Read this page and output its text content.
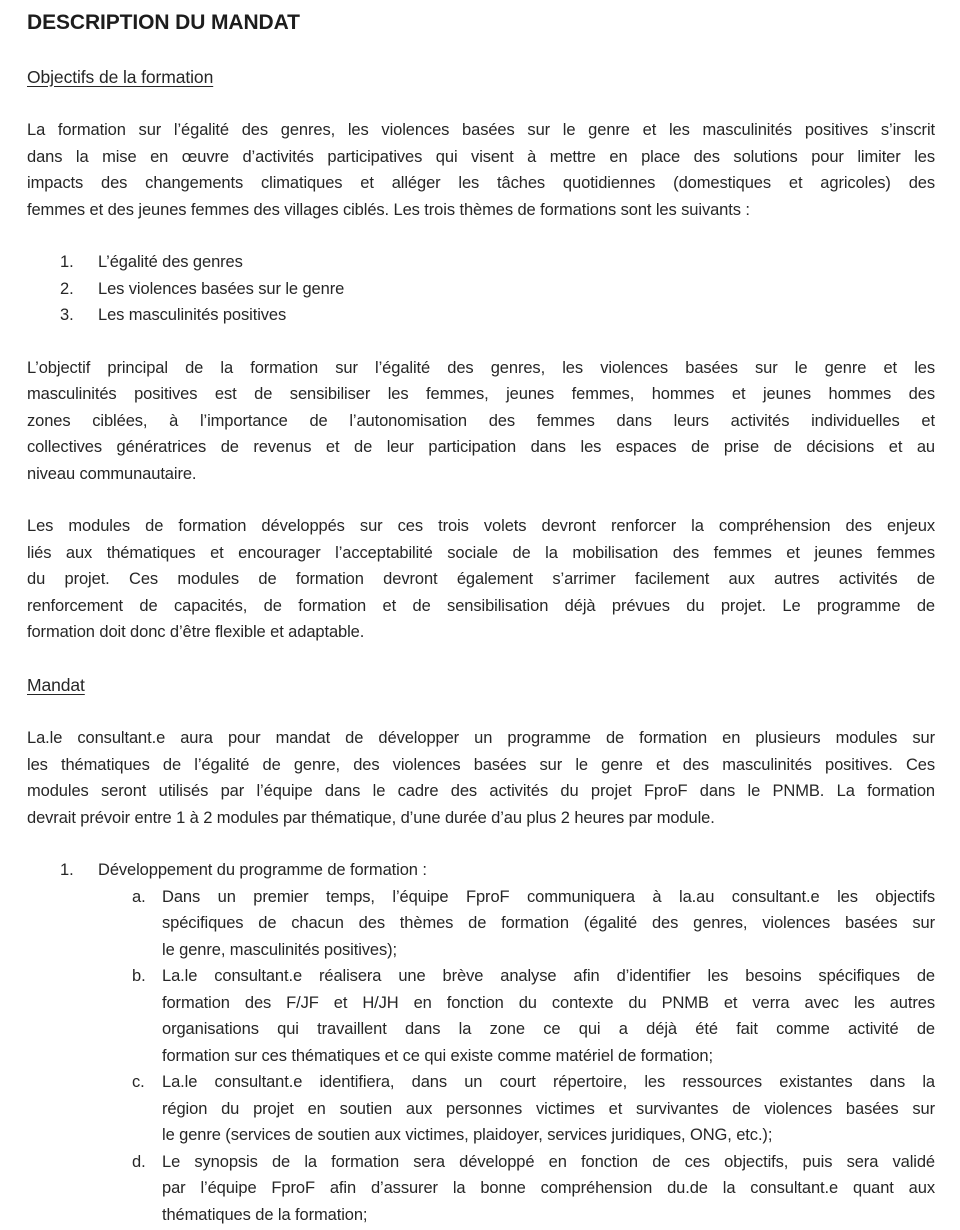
DESCRIPTION DU MANDAT
Objectifs de la formation
La formation sur l’égalité des genres, les violences basées sur le genre et les masculinités positives s’inscrit
dans la mise en œuvre d’activités participatives qui visent à mettre en place des solutions pour limiter les
impacts des changements climatiques et alléger les tâches quotidiennes (domestiques et agricoles) des
femmes et des jeunes femmes des villages ciblés. Les trois thèmes de formations sont les suivants :
1.	L’égalité des genres
2.	Les violences basées sur le genre
3.	Les masculinités positives
L’objectif principal de la formation sur l’égalité des genres, les violences basées sur le genre et les
masculinités positives est de sensibiliser les femmes, jeunes femmes, hommes et jeunes hommes des
zones ciblées, à l’importance de l’autonomisation des femmes dans leurs activités individuelles et
collectives génératrices de revenus et de leur participation dans les espaces de prise de décisions et au
niveau communautaire.
Les modules de formation développés sur ces trois volets devront renforcer la compréhension des enjeux
liés aux thématiques et encourager l’acceptabilité sociale de la mobilisation des femmes et jeunes femmes
du projet. Ces modules de formation devront également s’arrimer facilement aux autres activités de
renforcement de capacités, de formation et de sensibilisation déjà prévues du projet. Le programme de
formation doit donc d’être flexible et adaptable.
Mandat
La.le consultant.e aura pour mandat de développer un programme de formation en plusieurs modules sur
les thématiques de l’égalité de genre, des violences basées sur le genre et des masculinités positives. Ces
modules seront utilisés par l’équipe dans le cadre des activités du projet FproF dans le PNMB. La formation
devrait prévoir entre 1 à 2 modules par thématique, d’une durée d’au plus 2 heures par module.
1.	Développement du programme de formation :
a. Dans un premier temps, l’équipe FproF communiquera à la.au consultant.e les objectifs
spécifiques de chacun des thèmes de formation (égalité des genres, violences basées sur
le genre, masculinités positives);
b. La.le consultant.e réalisera une brève analyse afin d’identifier les besoins spécifiques de
formation des F/JF et H/JH en fonction du contexte du PNMB et verra avec les autres
organisations qui travaillent dans la zone ce qui a déjà été fait comme activité de
formation sur ces thématiques et ce qui existe comme matériel de formation;
c.	La.le consultant.e identifiera, dans un court répertoire, les ressources existantes dans la
région du projet en soutien aux personnes victimes et survivantes de violences basées sur
le genre (services de soutien aux victimes, plaidoyer, services juridiques, ONG, etc.);
d. Le synopsis de la formation sera développé en fonction de ces objectifs, puis sera validé
par l’équipe FproF afin d’assurer la bonne compréhension du.de la consultant.e quant aux
thématiques de la formation;
